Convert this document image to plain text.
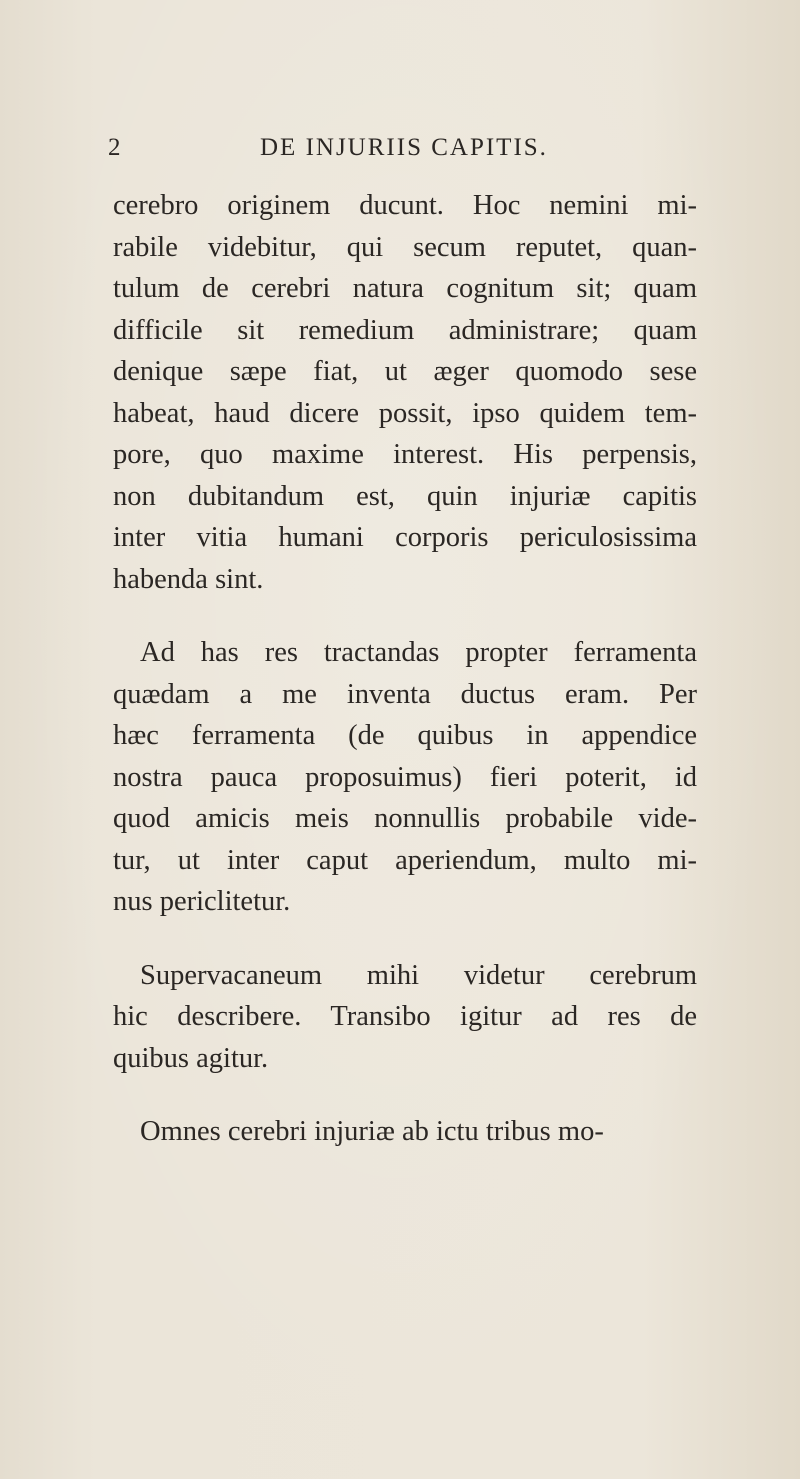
2	DE INJURIIS CAPITIS.
cerebro originem ducunt. Hoc nemini mi-
rabile videbitur, qui secum reputet, quan-
tulum de cerebri natura cognitum sit; quam
difficile sit remedium administrare; quam
denique sæpe fiat, ut æger quomodo sese
habeat, haud dicere possit, ipso quidem tem-
pore, quo maxime interest. His perpensis,
non dubitandum est, quin injuriæ capitis
inter vitia humani corporis periculosissima
habenda sint.
Ad has res tractandas propter ferramenta
quædam a me inventa ductus eram. Per
hæc ferramenta (de quibus in appendice
nostra pauca proposuimus) fieri poterit, id
quod amicis meis nonnullis probabile vide-
tur, ut inter caput aperiendum, multo mi-
nus periclitetur.
Supervacaneum mihi videtur cerebrum
hic describere. Transibo igitur ad res de
quibus agitur.
Omnes cerebri injuriæ ab ictu tribus mo-
